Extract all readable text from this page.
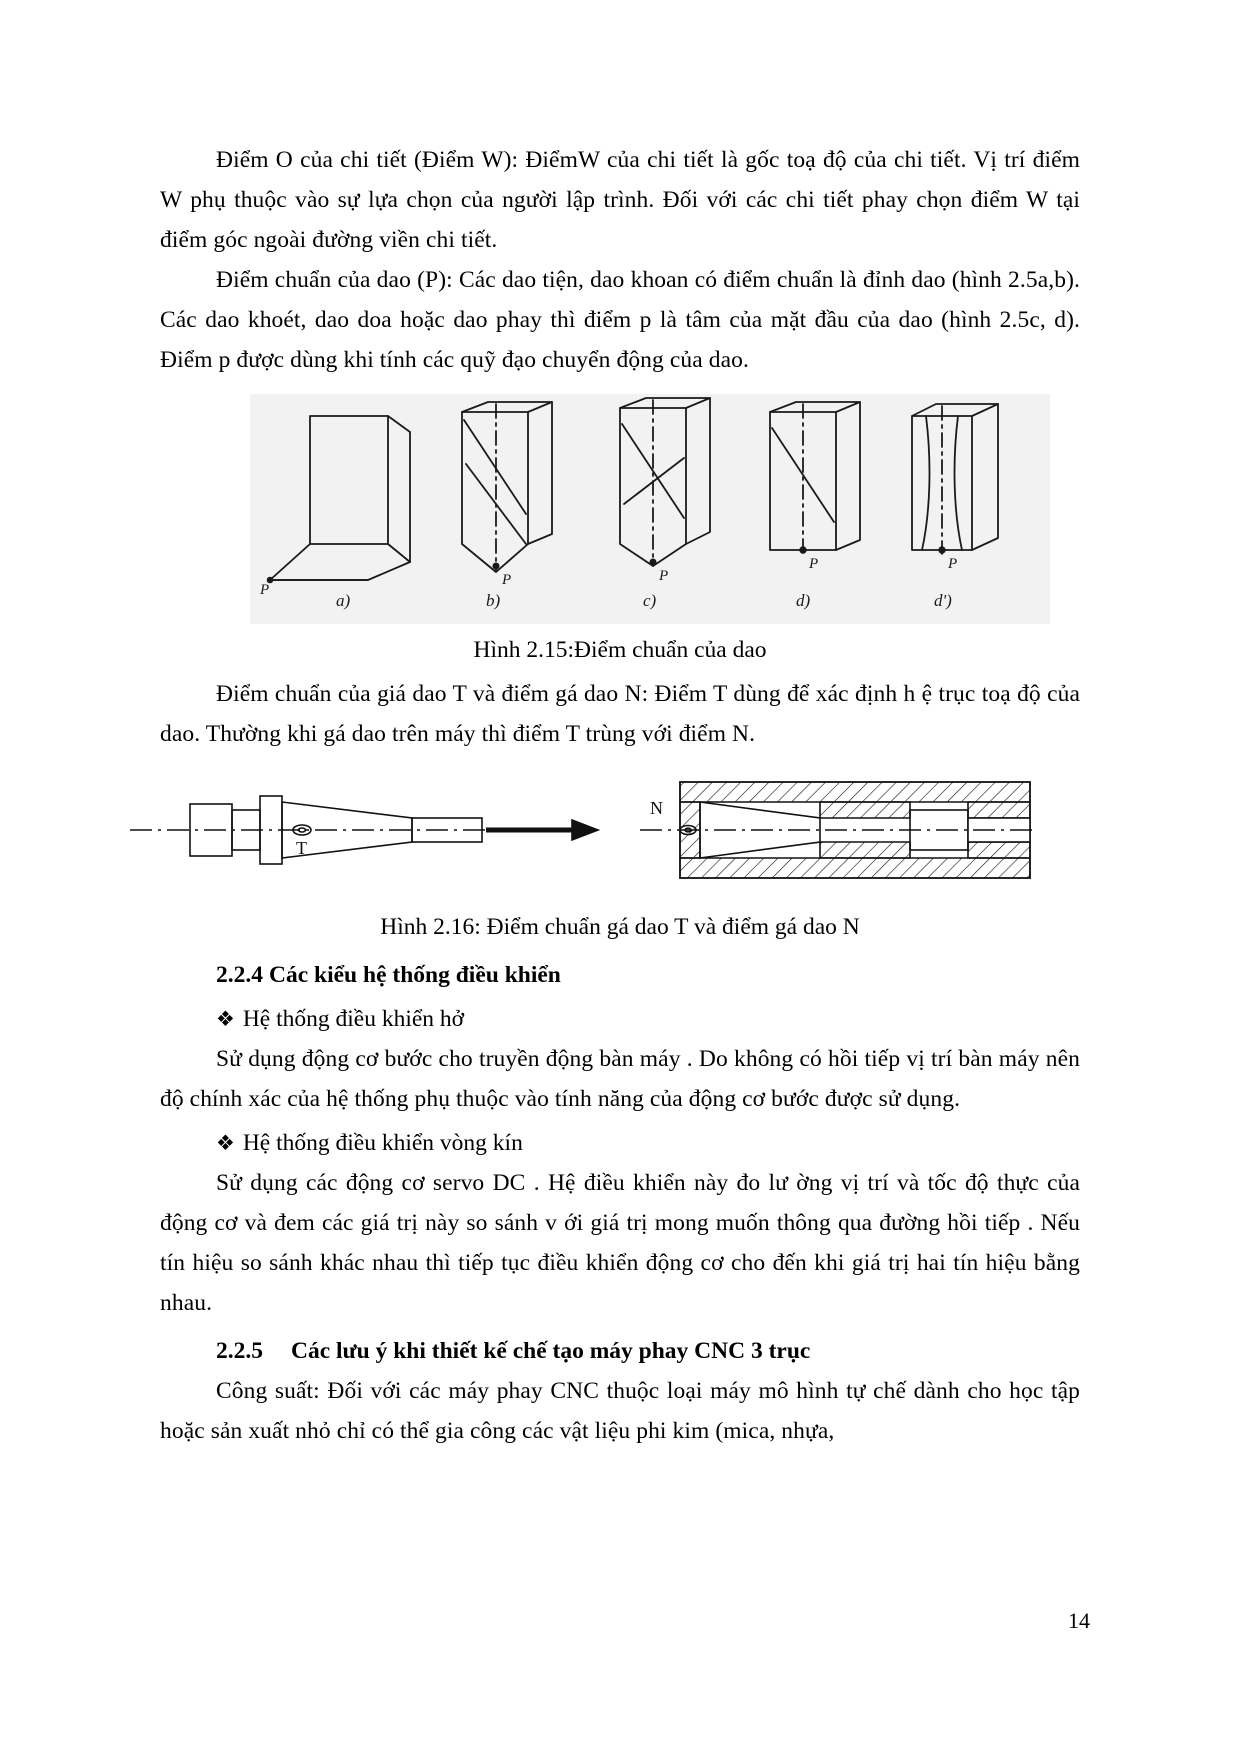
Điểm O của chi tiết (Điểm W): ĐiểmW của chi tiết là gốc toạ độ của chi tiết. Vị trí điểm W phụ thuộc vào sự lựa chọn của người lập trình. Đối với các chi tiết phay chọn điểm W tại điểm góc ngoài đường viền chi tiết.

Điểm chuẩn của dao (P): Các dao tiện, dao khoan có điểm chuẩn là đỉnh dao (hình 2.5a,b). Các dao khoét, dao doa hoặc dao phay thì điểm p là tâm của mặt đầu của dao (hình 2.5c, d). Điểm p được dùng khi tính các quỹ đạo chuyển động của dao.

P
P	P
P	P
a)	b)	c)	d)	d')
Hình 2.15:Điểm chuẩn của dao

Điểm chuẩn của giá dao T và điểm gá dao N: Điểm T dùng để xác định h ệ trục toạ độ của dao. Thường khi gá dao trên máy thì điểm T trùng với điểm N.

T
N
Hình 2.16: Điểm chuẩn gá dao T và điểm gá dao N
2.2.4 Các kiểu hệ thống điều khiển
❖ Hệ thống điều khiển hở

Sử dụng động cơ bước cho truyền động bàn máy . Do không có hồi tiếp vị trí bàn máy nên độ chính xác của hệ thống phụ thuộc vào tính năng của động cơ bước được sử dụng.

❖ Hệ thống điều khiển vòng kín

Sử dụng các động cơ servo DC . Hệ điều khiển này đo lư ờng vị trí và tốc độ thực của động cơ và đem các giá trị này so sánh v ới giá trị mong muốn thông qua đường hồi tiếp . Nếu tín hiệu so sánh khác nhau thì tiếp tục điều khiển động cơ cho đến khi giá trị hai tín hiệu bằng nhau.

2.2.5 Các lưu ý khi thiết kế chế tạo máy phay CNC 3 trục

Công suất: Đối với các máy phay CNC thuộc loại máy mô hình tự chế dành cho học tập hoặc sản xuất nhỏ chỉ có thể gia công các vật liệu phi kim (mica, nhựa,

14
